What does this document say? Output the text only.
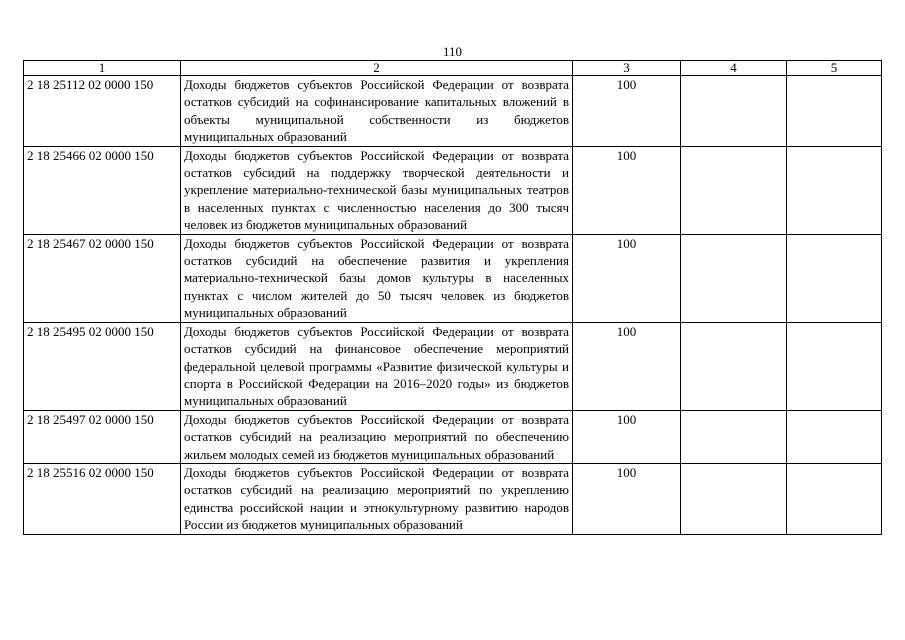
110
1	2	3	4	5
2 18 25112 02 0000 150	Доходы бюджетов субъектов Российской Федерации от возврата остатков субсидий на софинансирование капитальных вложений в объекты муниципальной собственности из бюджетов муниципальных образований	100		
2 18 25466 02 0000 150	Доходы бюджетов субъектов Российской Федерации от возврата остатков субсидий на поддержку творческой деятельности и укрепление материально-технической базы муниципальных театров в населенных пунктах с численностью населения до 300 тысяч человек из бюджетов муниципальных образований	100		
2 18 25467 02 0000 150	Доходы бюджетов субъектов Российской Федерации от возврата остатков субсидий на обеспечение развития и укрепления материально-технической базы домов культуры в населенных пунктах с числом жителей до 50 тысяч человек из бюджетов муниципальных образований	100		
2 18 25495 02 0000 150	Доходы бюджетов субъектов Российской Федерации от возврата остатков субсидий на финансовое обеспечение мероприятий федеральной целевой программы «Развитие физической культуры и спорта в Российской Федерации на 2016–2020 годы» из бюджетов муниципальных образований	100		
2 18 25497 02 0000 150	Доходы бюджетов субъектов Российской Федерации от возврата остатков субсидий на реализацию мероприятий по обеспечению жильем молодых семей из бюджетов муниципальных образований	100		
2 18 25516 02 0000 150	Доходы бюджетов субъектов Российской Федерации от возврата остатков субсидий на реализацию мероприятий по укреплению единства российской нации и этнокультурному развитию народов России из бюджетов муниципальных образований	100		
